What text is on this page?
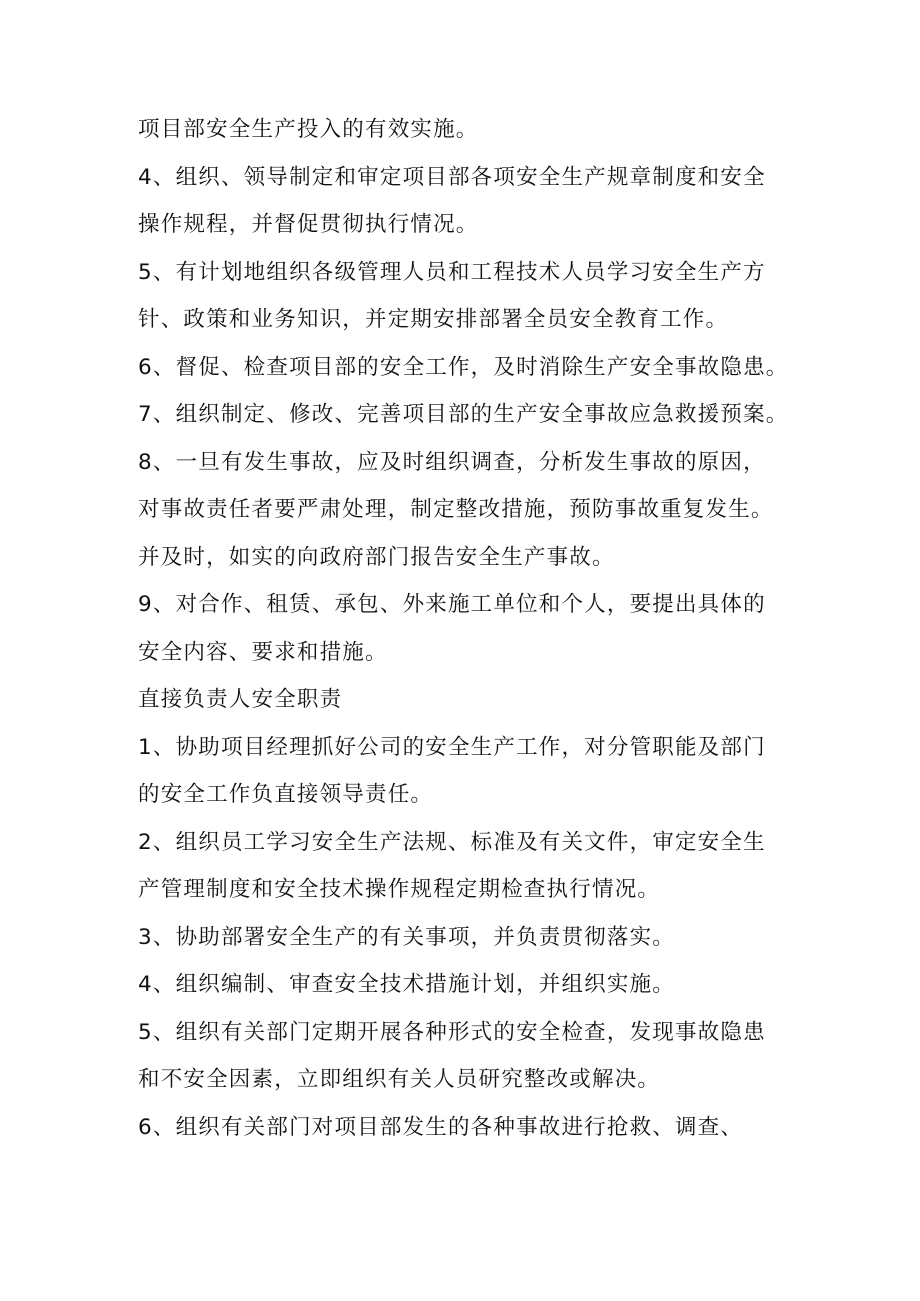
项目部安全生产投入的有效实施。
4、组织、领导制定和审定项目部各项安全生产规章制度和安全
操作规程，并督促贯彻执行情况。
5、有计划地组织各级管理人员和工程技术人员学习安全生产方
针、政策和业务知识，并定期安排部署全员安全教育工作。
6、督促、检查项目部的安全工作，及时消除生产安全事故隐患。
7、组织制定、修改、完善项目部的生产安全事故应急救援预案。
8、一旦有发生事故，应及时组织调查，分析发生事故的原因，
对事故责任者要严肃处理，制定整改措施，预防事故重复发生。
并及时，如实的向政府部门报告安全生产事故。
9、对合作、租赁、承包、外来施工单位和个人，要提出具体的
安全内容、要求和措施。
直接负责人安全职责
1、协助项目经理抓好公司的安全生产工作，对分管职能及部门
的安全工作负直接领导责任。
2、组织员工学习安全生产法规、标准及有关文件，审定安全生
产管理制度和安全技术操作规程定期检查执行情况。
3、协助部署安全生产的有关事项，并负责贯彻落实。
4、组织编制、审查安全技术措施计划，并组织实施。
5、组织有关部门定期开展各种形式的安全检查，发现事故隐患
和不安全因素，立即组织有关人员研究整改或解决。
6、组织有关部门对项目部发生的各种事故进行抢救、调查、
